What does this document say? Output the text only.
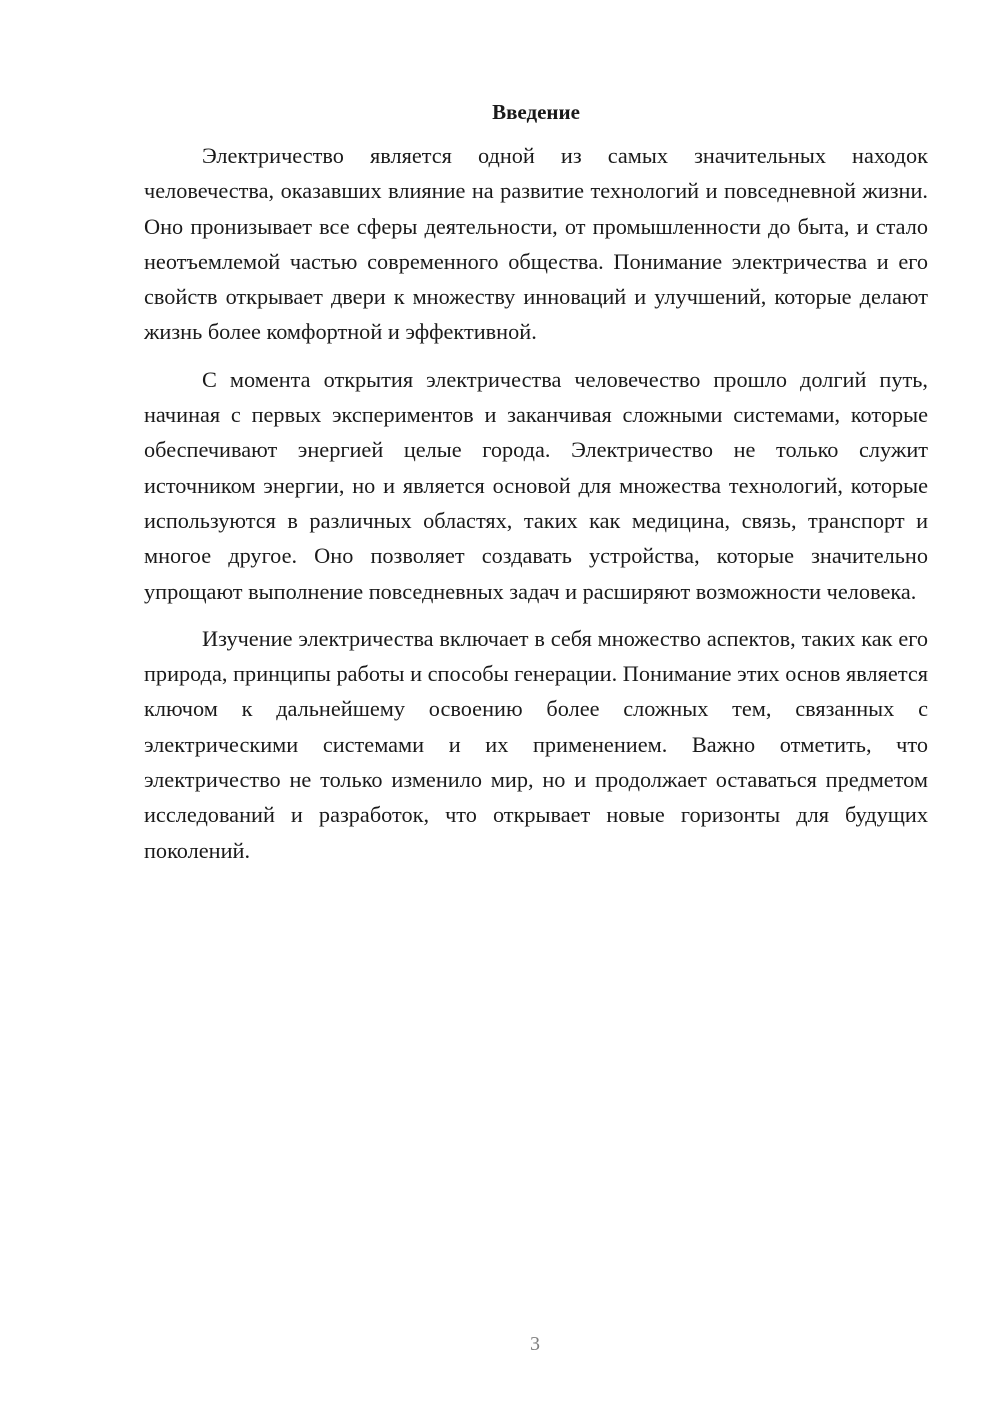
Введение

Электричество является одной из самых значительных находок человечества, оказавших влияние на развитие технологий и повседневной жизни. Оно пронизывает все сферы деятельности, от промышленности до быта, и стало неотъемлемой частью современного общества. Понимание электричества и его свойств открывает двери к множеству инноваций и улучшений, которые делают жизнь более комфортной и эффективной.

С момента открытия электричества человечество прошло долгий путь, начиная с первых экспериментов и заканчивая сложными системами, которые обеспечивают энергией целые города. Электричество не только служит источником энергии, но и является основой для множества технологий, которые используются в различных областях, таких как медицина, связь, транспорт и многое другое. Оно позволяет создавать устройства, которые значительно упрощают выполнение повседневных задач и расширяют возможности человека.

Изучение электричества включает в себя множество аспектов, таких как его природа, принципы работы и способы генерации. Понимание этих основ является ключом к дальнейшему освоению более сложных тем, связанных с электрическими системами и их применением. Важно отметить, что электричество не только изменило мир, но и продолжает оставаться предметом исследований и разработок, что открывает новые горизонты для будущих поколений.

3
